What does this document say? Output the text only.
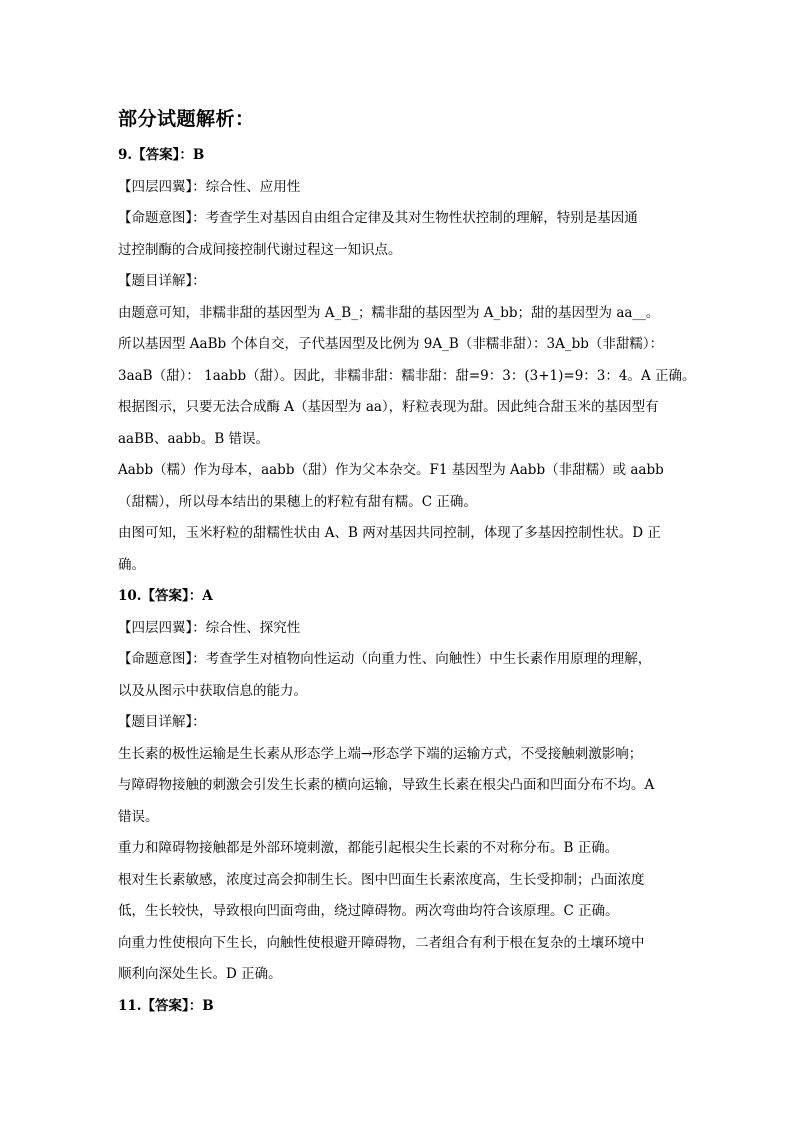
部分试题解析：

9.【答案】：B

【四层四翼】：综合性、应用性

【命题意图】：考查学生对基因自由组合定律及其对生物性状控制的理解，特别是基因通

过控制酶的合成间接控制代谢过程这一知识点。

【题目详解】：

由题意可知，非糯非甜的基因型为 A_B_；糯非甜的基因型为 A_bb；甜的基因型为 aa__。

所以基因型 AaBb 个体自交，子代基因型及比例为 9A_B（非糯非甜）：3A_bb（非甜糯）：

3aaB（甜）： 1aabb（甜）。因此，非糯非甜：糯非甜：甜=9：3：(3+1)=9：3：4。A 正确。

根据图示，只要无法合成酶 A（基因型为 aa），籽粒表现为甜。因此纯合甜玉米的基因型有

aaBB、aabb。B 错误。

Aabb（糯）作为母本，aabb（甜）作为父本杂交。F1 基因型为 Aabb（非甜糯）或 aabb

（甜糯），所以母本结出的果穗上的籽粒有甜有糯。C 正确。

由图可知，玉米籽粒的甜糯性状由 A、B 两对基因共同控制，体现了多基因控制性状。D 正

确。

10.【答案】：A

【四层四翼】：综合性、探究性

【命题意图】：考查学生对植物向性运动（向重力性、向触性）中生长素作用原理的理解，

以及从图示中获取信息的能力。

【题目详解】：

生长素的极性运输是生长素从形态学上端→形态学下端的运输方式，不受接触刺激影响；

与障碍物接触的刺激会引发生长素的横向运输，导致生长素在根尖凸面和凹面分布不均。A

错误。

重力和障碍物接触都是外部环境刺激，都能引起根尖生长素的不对称分布。B 正确。

根对生长素敏感，浓度过高会抑制生长。图中凹面生长素浓度高，生长受抑制；凸面浓度

低，生长较快，导致根向凹面弯曲，绕过障碍物。两次弯曲均符合该原理。C 正确。

向重力性使根向下生长，向触性使根避开障碍物，二者组合有利于根在复杂的土壤环境中

顺利向深处生长。D 正确。

11.【答案】：B
